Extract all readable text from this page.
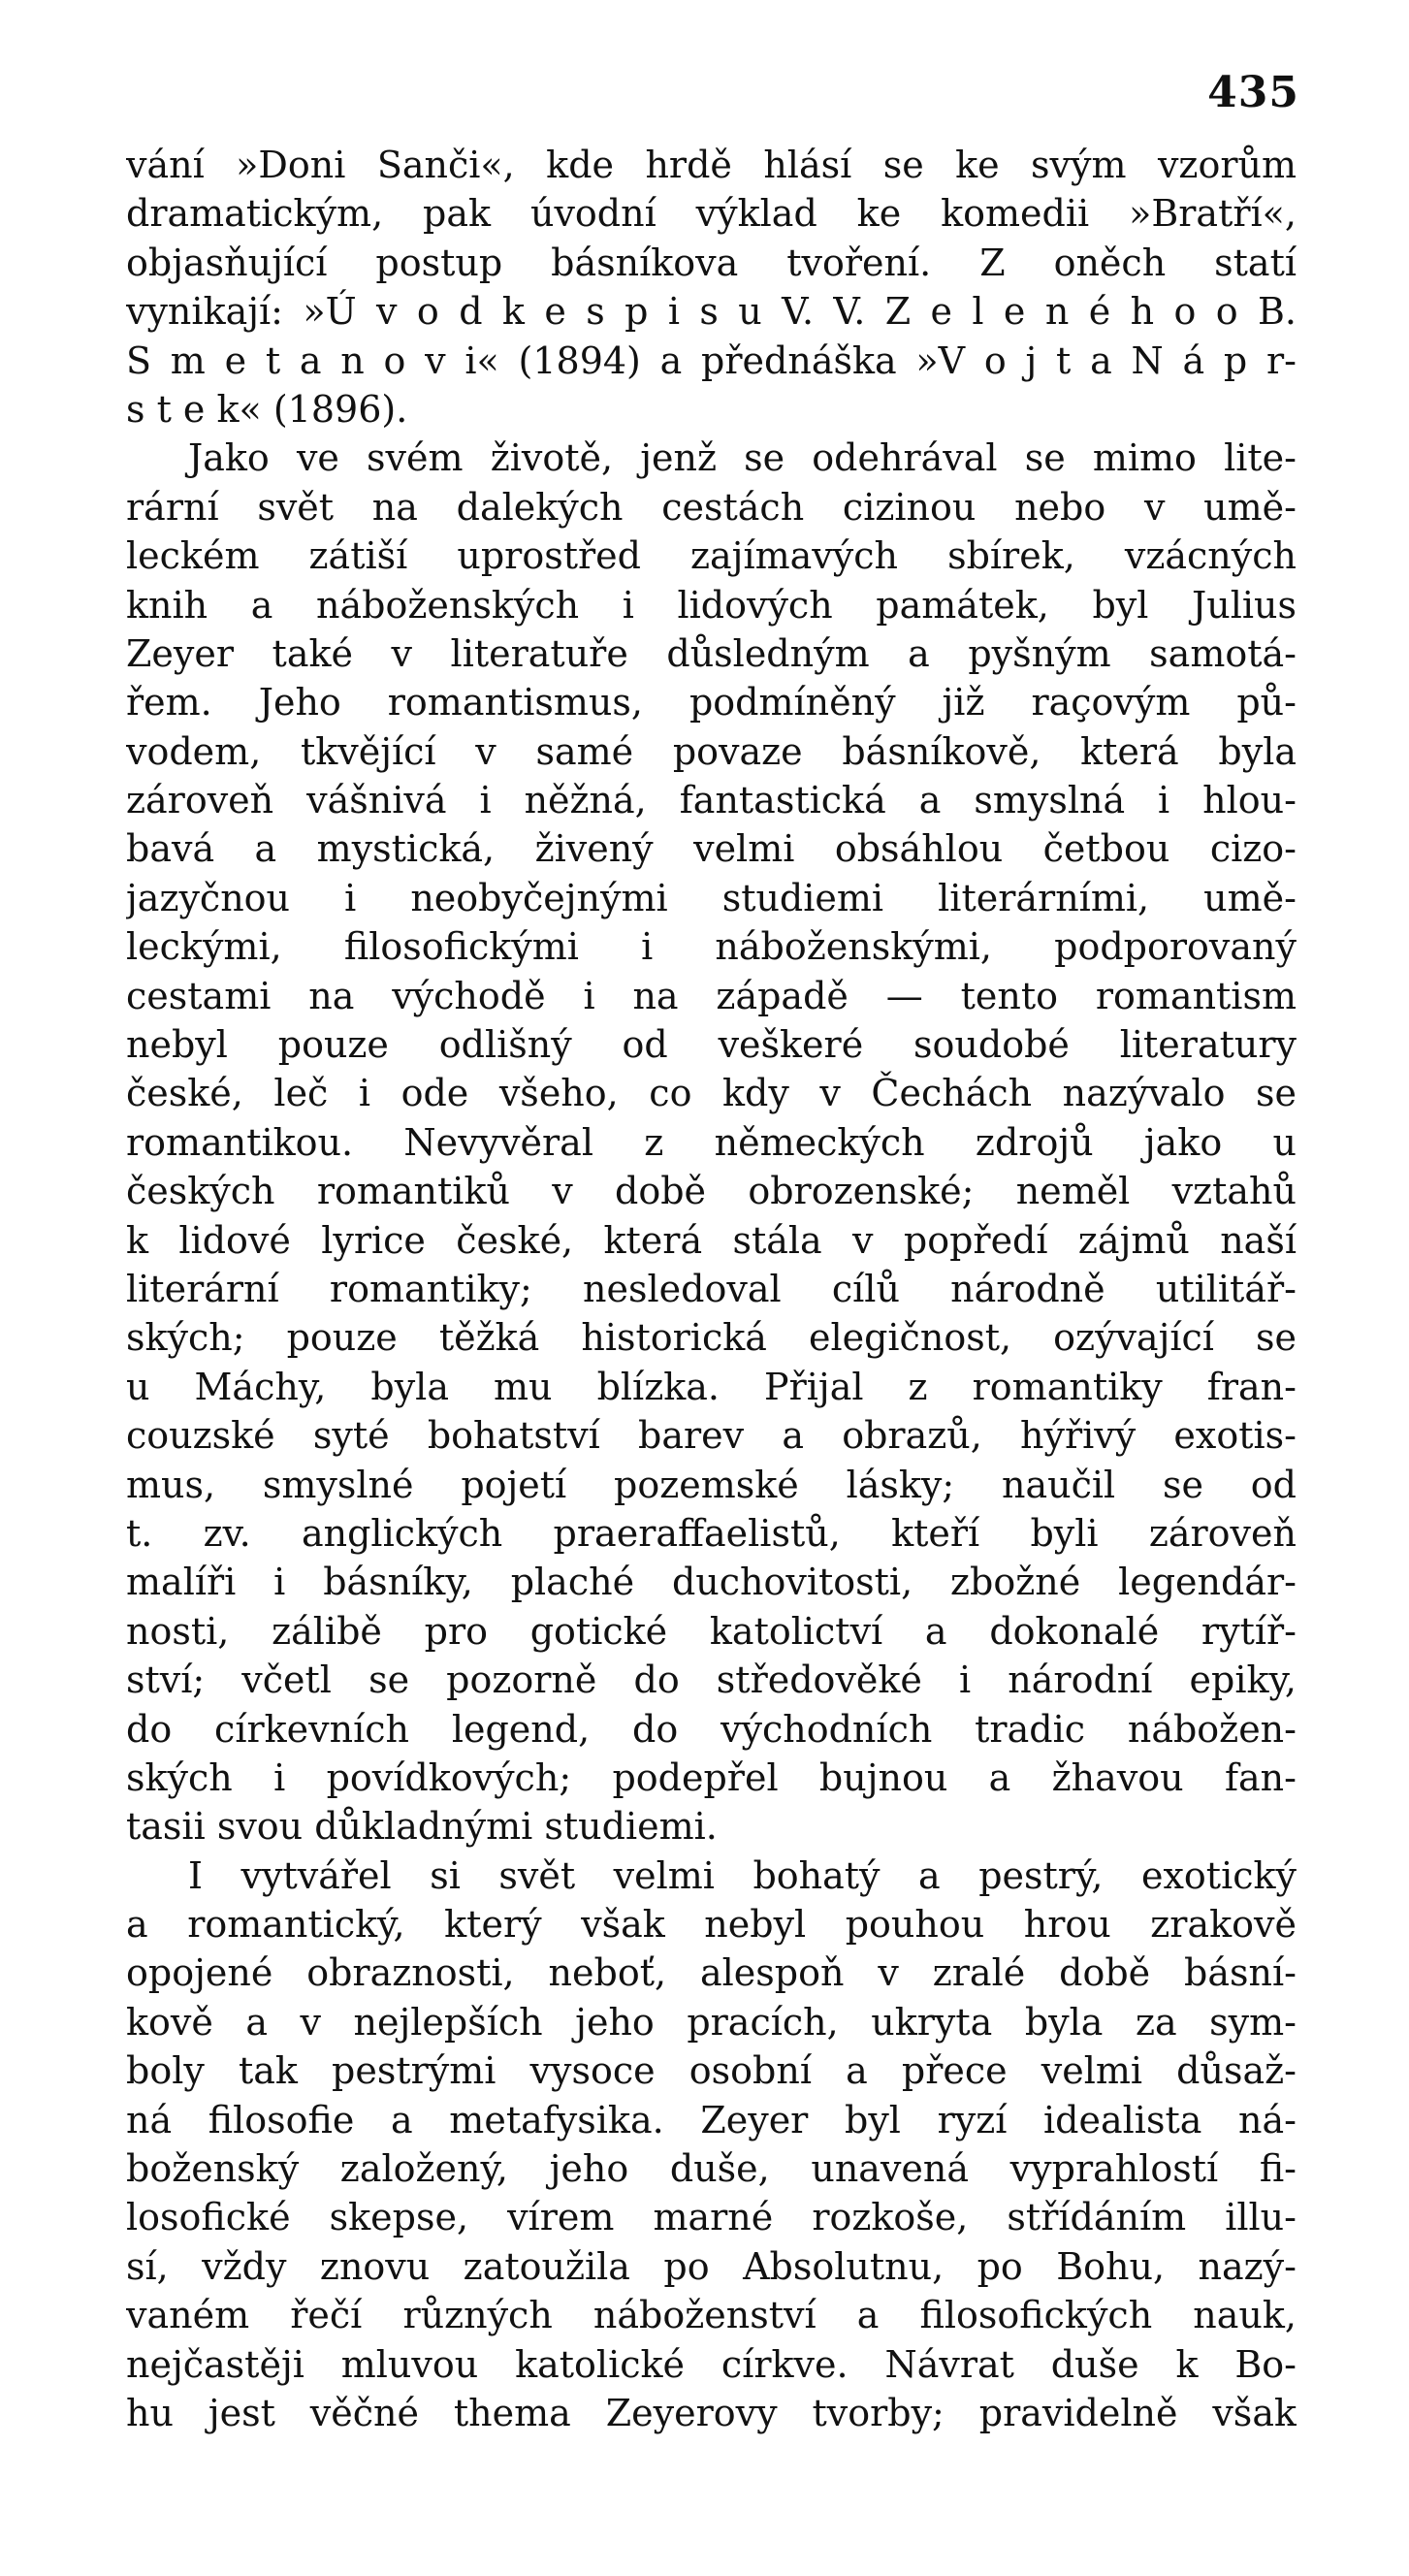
435
vání »Doni Sanči«, kde hrdě hlásí se ke svým vzorům
dramatickým, pak úvodní výklad ke komedii »Bratří«,
objasňující postup básníkova tvoření. Z oněch statí
vynikají: »Ú v o d k e s p i s u V. V. Z e l e n é h o o B.
S m e t a n o v i« (1894) a přednáška »V o j t a N á p r-
s t e k« (1896).
Jako ve svém životě, jenž se odehrával se mimo lite-
rární svět na dalekých cestách cizinou nebo v umě-
leckém zátiší uprostřed zajímavých sbírek, vzácných
knih a náboženských i lidových památek, byl Julius
Zeyer také v literatuře důsledným a pyšným samotá-
řem. Jeho romantismus, podmíněný již raçovým pů-
vodem, tkvějící v samé povaze básníkově, která byla
zároveň vášnivá i něžná, fantastická a smyslná i hlou-
bavá a mystická, živený velmi obsáhlou četbou cizo-
jazyčnou i neobyčejnými studiemi literárními, umě-
leckými, filosofickými i náboženskými, podporovaný
cestami na východě i na západě — tento romantism
nebyl pouze odlišný od veškeré soudobé literatury
české, leč i ode všeho, co kdy v Čechách nazývalo se
romantikou. Nevyvěral z německých zdrojů jako u
českých romantiků v době obrozenské; neměl vztahů
k lidové lyrice české, která stála v popředí zájmů naší
literární romantiky; nesledoval cílů národně utilitář-
ských; pouze těžká historická elegičnost, ozývající se
u Máchy, byla mu blízka. Přijal z romantiky fran-
couzské syté bohatství barev a obrazů, hýřivý exotis-
mus, smyslné pojetí pozemské lásky; naučil se od
t. zv. anglických praeraffaelistů, kteří byli zároveň
malíři i básníky, plaché duchovitosti, zbožné legendár-
nosti, zálibě pro gotické katolictví a dokonalé rytíř-
ství; včetl se pozorně do středověké i národní epiky,
do církevních legend, do východních tradic nábožen-
ských i povídkových; podepřel bujnou a žhavou fan-
tasii svou důkladnými studiemi.
I vytvářel si svět velmi bohatý a pestrý, exotický
a romantický, který však nebyl pouhou hrou zrakově
opojené obraznosti, neboť, alespoň v zralé době básní-
kově a v nejlepších jeho pracích, ukryta byla za sym-
boly tak pestrými vysoce osobní a přece velmi důsaž-
ná filosofie a metafysika. Zeyer byl ryzí idealista ná-
boženský založený, jeho duše, unavená vyprahlostí fi-
losofické skepse, vírem marné rozkoše, střídáním illu-
sí, vždy znovu zatoužila po Absolutnu, po Bohu, nazý-
vaném řečí různých náboženství a filosofických nauk,
nejčastěji mluvou katolické církve. Návrat duše k Bo-
hu jest věčné thema Zeyerovy tvorby; pravidelně však
